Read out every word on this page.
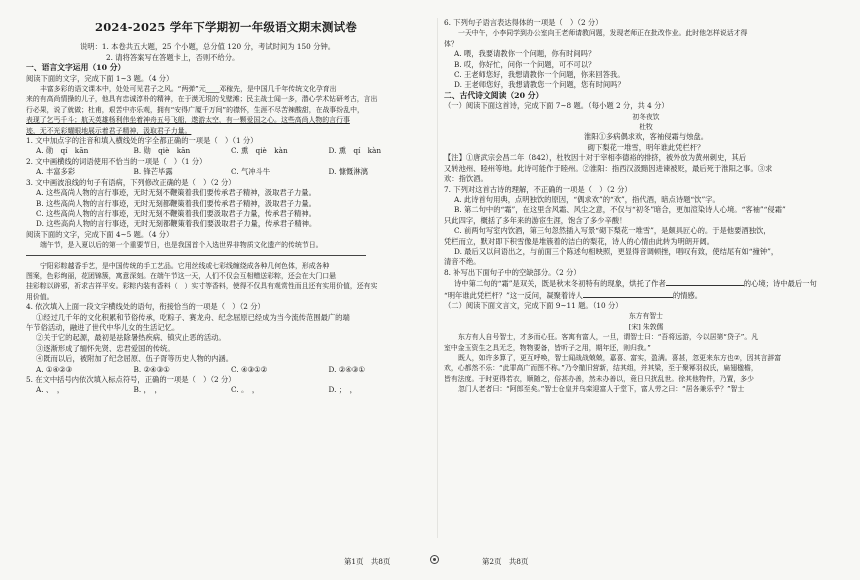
2024-2025 学年下学期初一年级语文期末测试卷
说明：1. 本卷共五大题，25 个小题，总分值 120 分，考试时间为 150 分钟。
2. 请将答案写在答题卡上，否则不给分。
一、语言文字运用（10 分）
阅读下面的文字，完成下面 1~3 题。（4 分）
丰富多彩的语文课本中，处处可见君子之风。“两弹”元____邓稼先，是中国几千年传统文化孕育出
来的有高尚情操的儿子，他具有忠诚淳朴的精神，在于漠无垠的戈壁滩；民主战士闻一多，潜心学术钻研考古，言出
行必果，说了就做；杜甫，艰苦中亦乐观，拥有“安得广厦千万间”的襟怀，生涯不尽苦辣酸甜，在战事纷乱中，
表现了乞丐千斗；航天英雄杨利伟坐着神舟五号飞船，遨游太空，有一颗爱国之心。这些高尚人物的言行事
迹，无不光彩耀眼地展示着君子精神，汲取君子力量。
1. 文中加点字的注音和填入横线处的字全都正确的一项是（　）（1 分）
A. 勋　qí　kān	B. 勋　qiè　kān	C. 熏　qiè　kàn	D. 熏　qí　kàn
2. 文中画横线的词语使用不恰当的一项是（　）（1 分）
A. 丰富多彩	B. 锋芒毕露	C. 气冲斗牛	D. 慷慨淋漓
3. 文中画波浪线的句子有语病，下列修改正确的是（　）（2 分）
A. 这些高尚人物的言行事迹，无时无刻不鞭策着我们要传承君子精神，汲取君子力量。
B. 这些高尚人物的言行事迹，无时无刻都鞭策着我们要传承君子精神，汲取君子力量。
C. 这些高尚人物的言行事迹，无时无刻不鞭策着我们要汲取君子力量，传承君子精神。
D. 这些高尚人物的言行事迹，无时无刻都鞭策着我们要汲取君子力量，传承君子精神。
阅读下面的文字，完成下面 4~5 题。（4 分）
端午节，是入夏以后的第一个重要节日，也是我国首个入选世界非物质文化遗产的传统节日。
宁阳彩粽越香手艺，是中国传统的手工艺品。它用丝线或七彩线缠绕成各种几何色体，形成各种
图案，色彩绚丽，花团锦簇，寓意深刻。在端午节这一天，人们不仅会互相赠送彩粽，还会在大门口悬
挂彩粽以辟邪，祈求吉祥平安。彩粽内装有香料（　）实寸等香料，使得不仅具有观赏性而且还有实用价值，还有实
用价值。
4. 依次填入上面一段文字横线处的语句，衔接恰当的一项是（　）（2 分）
①经过几千年的文化积累和节俗传承，吃粽子、赛龙舟、纪念屈原已经成为当今流传范围最广的端
午节俗活动，融进了世代中华儿女的生活记忆。
②关于它的起源，最初是祛除暑热疾病、镇灾止恶的活动。
③逐渐形成了缅怀先贤、忠君爱国的传统。
④既而以后，被附加了纪念屈原、伍子胥等历史人物的内涵。
A. ①④②③	B. ②④③①	C. ④③①②	D. ②④③①
5. 在文中括号内依次填入标点符号，正确的一项是（　）（2 分）
A. 、　，	B. ，　，	C. 。　，	D. ；　，
6. 下列句子语言表达得体的一项是（　）（2 分）
一天中午，小李同学到办公室向王老师请教问题，发现老师正在批改作业。此时他怎样说话才得
体？
A. 喂，我要请教你一个问题，你有时间吗？
B. 哎，你好忙，问你一个问题，可不可以？
C. 王老师您好，我想请教你一个问题，你来回答我。
D. 王老师您好，我想请教您一个问题，您有时间吗？
二、古代诗文阅读（20 分）
（一）阅读下面这首诗，完成下面 7~8 题。（每小题 2 分，共 4 分）
初冬夜饮
杜牧
淮阳①多病偶求欢，客袖侵霜与烛盘。
砌下梨花一堆雪，明年谁此凭栏杆？
【注】①唐武宗会昌二年（842），杜牧因十对于宰相李德裕的排挤，被外放为黄州刺史，其后
又转池州、睦州等地。此诗可能作于睦州。②淮阳：指西汉汲黯因进谏被贬，最后死于淮阳之事。③求
欢：指饮酒。
7. 下列对这首古诗的理解，不正确的一项是（　）（2 分）
A. 此诗首句用典，点明独饮的原因，“偶求欢”的“欢”，指代酒，暗点诗题“饮”字。
B. 第二句中的“霜”，在这里含风霜、风尘之意，不仅与“初冬”暗合，更加渲染诗人心境。“客袖”“侵霜”
只此四字，概括了多年来的游宦生涯，饱含了多少辛酸！
C. 前两句写室内饮酒，第三句忽然插入写景“砌下梨花一堆雪”，是颇具匠心的。于是他要酒独饮，
凭栏而立，默对即下积雪像是堆簇着的洁白的梨花，诗人的心情由此转为明朗开阔。
D. 最后又以问语出之，与前面三个陈述句相映照，更显得音调顿挫，唱叹有致，使结尾有如“撞钟”，
清音不绝。
8. 补写出下面句子中的空缺部分。（2 分）
诗中第二句的“霜”是双关，既是秋末冬初特有的现象，烘托了作者	的心境；诗中最后一句
“明年谁此凭栏杆？”这一反问，凝聚着诗人	的情感。
（二）阅读下面文言文，完成下面 9~11 题。（10 分）
东方有智士
[宋] 朱敦儒
东方有人自号智士，才多而心狂。客寓有富人，一旦，谓智士曰：“吾将远游，今以居第“贷子”。凡
室中金玉资生之具无乏，物物要备，皆听子之用，期年还，则归我。”
既人，如许多算了，更互呼唤，智士闻战战兢兢，嘉喜、富实，盈满。喜甚，忽更来东方也②，因其言辞富
欢，心都然不乐：“此罪高广而图不称。”乃令撤旧营新，结其组，并其梁，至于聚幂羽叔氏，扁翅楹檐，
皆有法度。于时更得若衣，顺随之，俗甚办善，然未办善以，竟日只扰乱世。徐其他物件，乃置，多少
忽门人老者曰：“阿郎至矣。”智士仓皇并乌栾迎富人于堂下，富人劳之曰：“居各兼乐乎？”智士
第1页　共8页	第2页　共8页
